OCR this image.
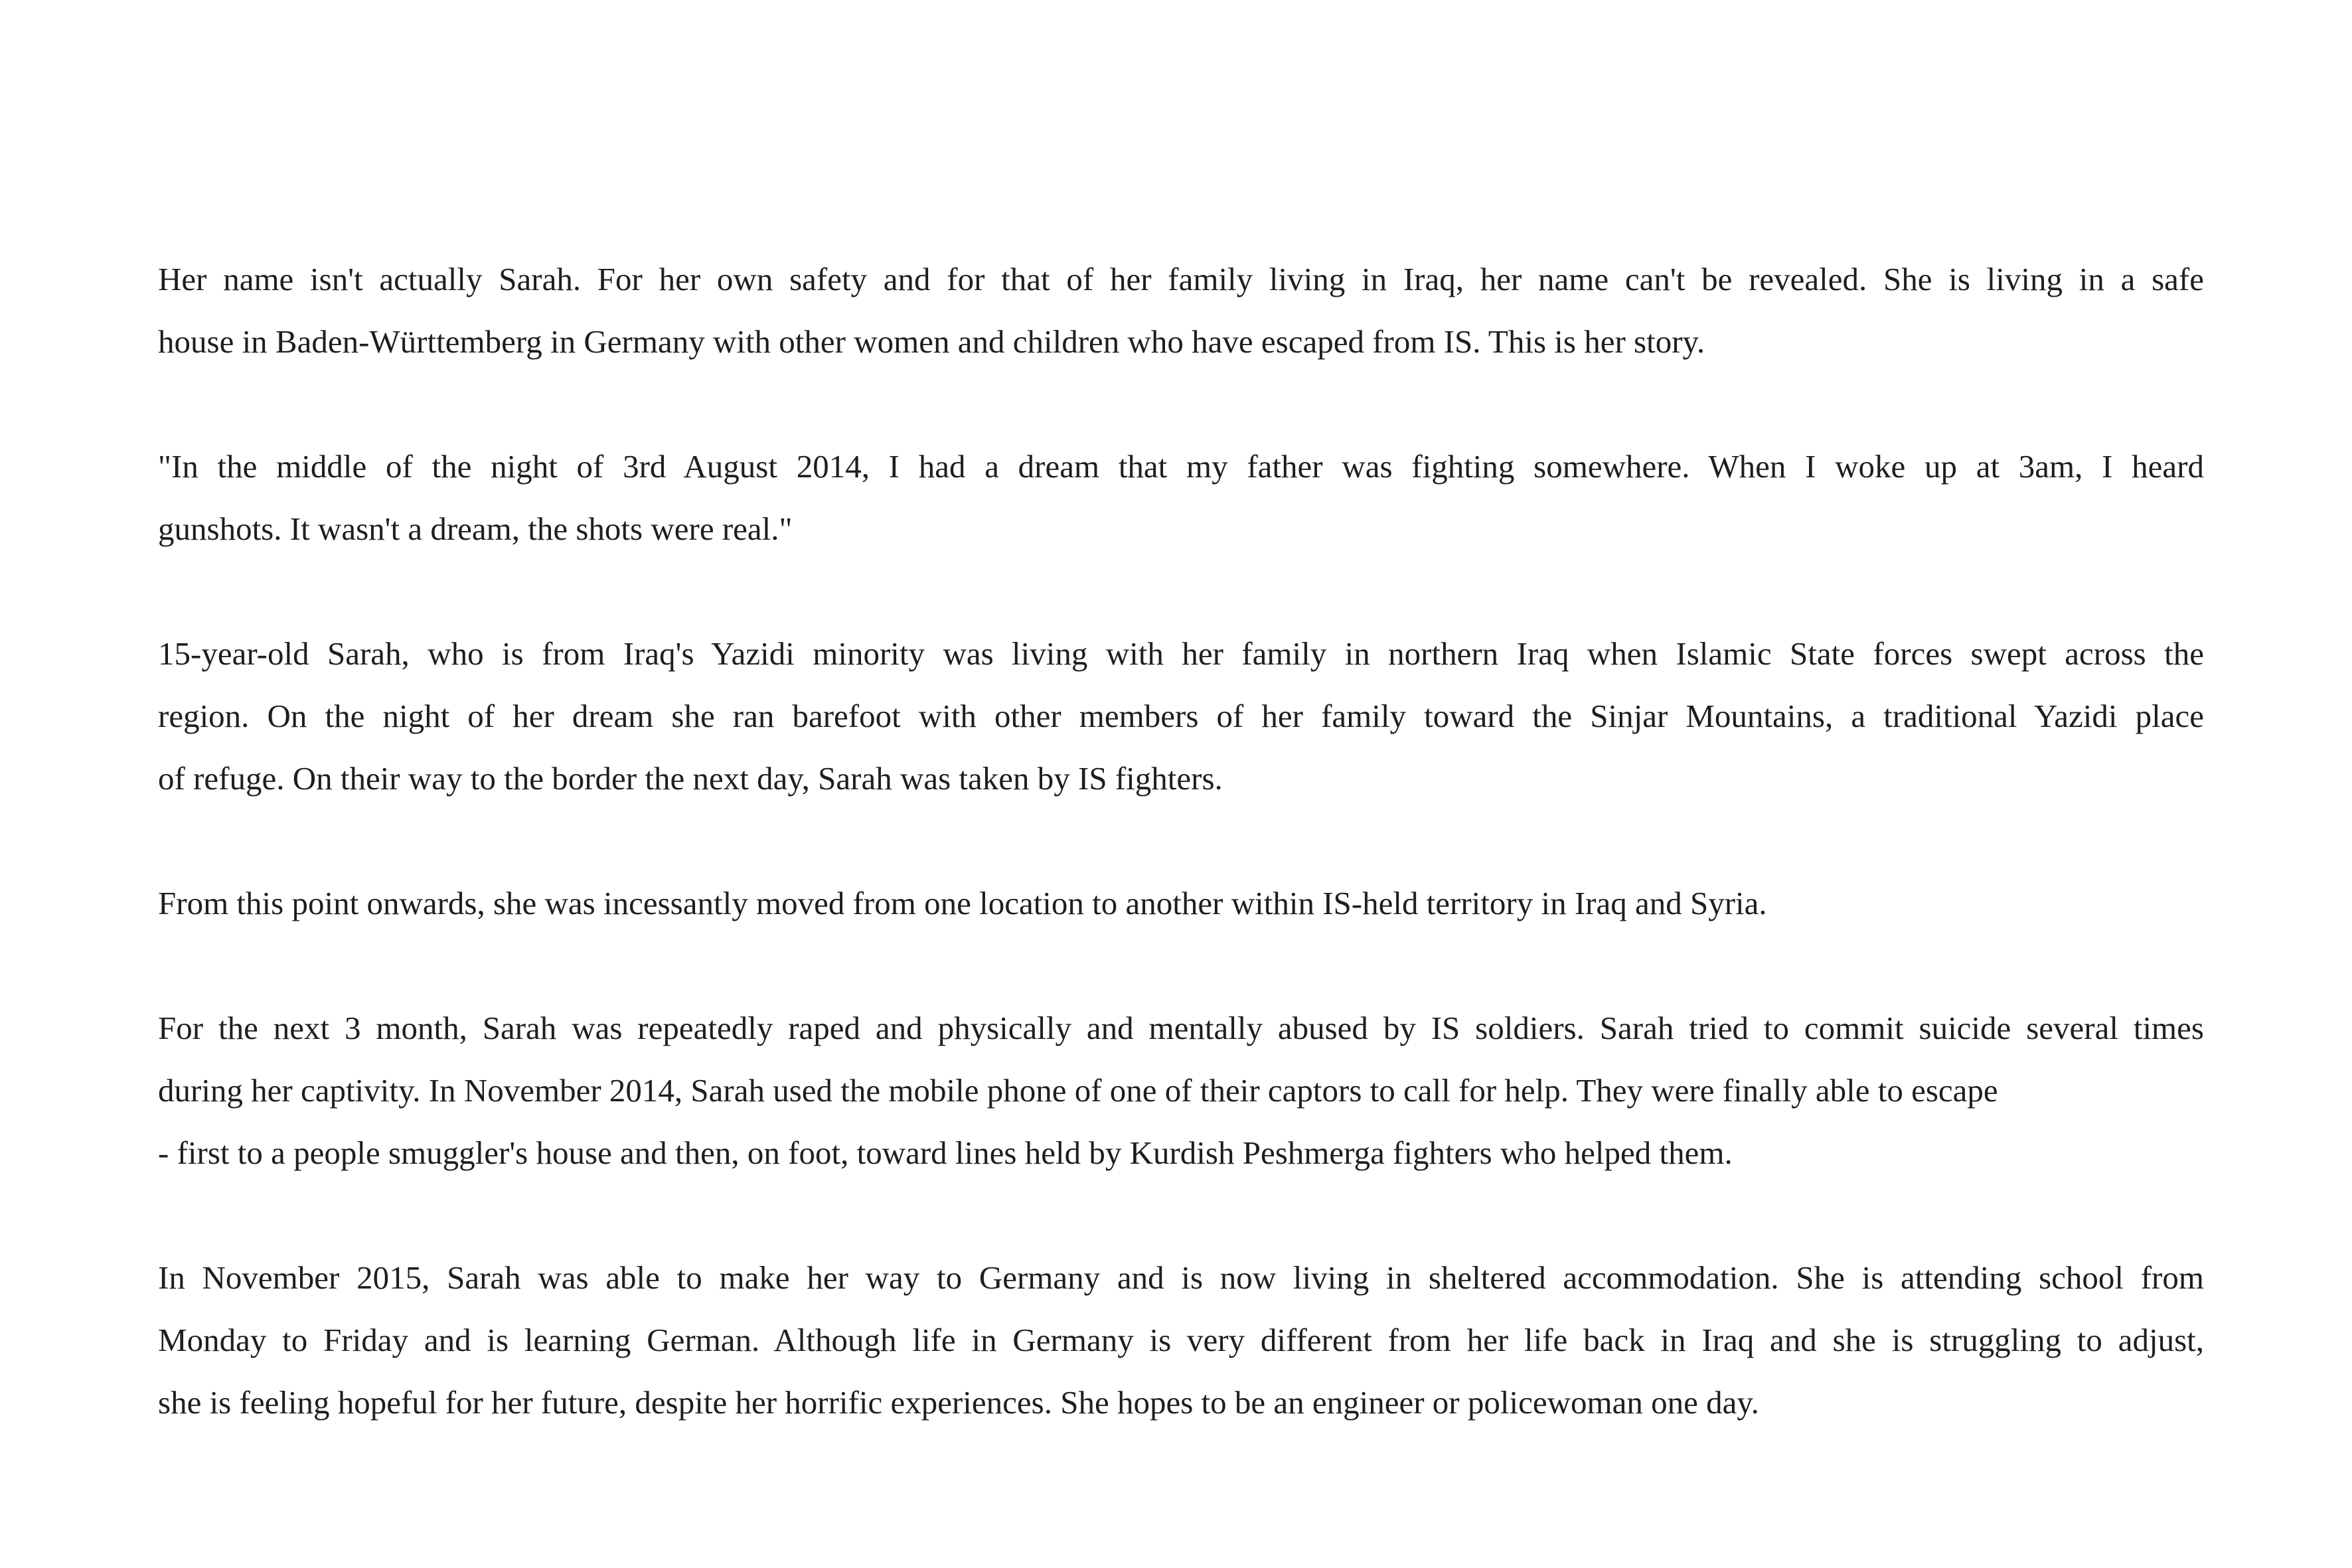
Her name isn't actually Sarah. For her own safety and for that of her family living in Iraq, her name can't be revealed. She is living in a safe
house in Baden-Württemberg in Germany with other women and children who have escaped from IS. This is her story.

"In the middle of the night of 3rd August 2014, I had a dream that my father was fighting somewhere. When I woke up at 3am, I heard
gunshots. It wasn't a dream, the shots were real."

15-year-old Sarah, who is from Iraq's Yazidi minority was living with her family in northern Iraq when Islamic State forces swept across the
region. On the night of her dream she ran barefoot with other members of her family toward the Sinjar Mountains, a traditional Yazidi place
of refuge. On their way to the border the next day, Sarah was taken by IS fighters.

From this point onwards, she was incessantly moved from one location to another within IS-held territory in Iraq and Syria.

For the next 3 month, Sarah was repeatedly raped and physically and mentally abused by IS soldiers. Sarah tried to commit suicide several times
during her captivity. In November 2014, Sarah used the mobile phone of one of their captors to call for help. They were finally able to escape
- first to a people smuggler's house and then, on foot, toward lines held by Kurdish Peshmerga fighters who helped them.

In November 2015, Sarah was able to make her way to Germany and is now living in sheltered accommodation. She is attending school from
Monday to Friday and is learning German. Although life in Germany is very different from her life back in Iraq and she is struggling to adjust,
she is feeling hopeful for her future, despite her horrific experiences. She hopes to be an engineer or policewoman one day.
